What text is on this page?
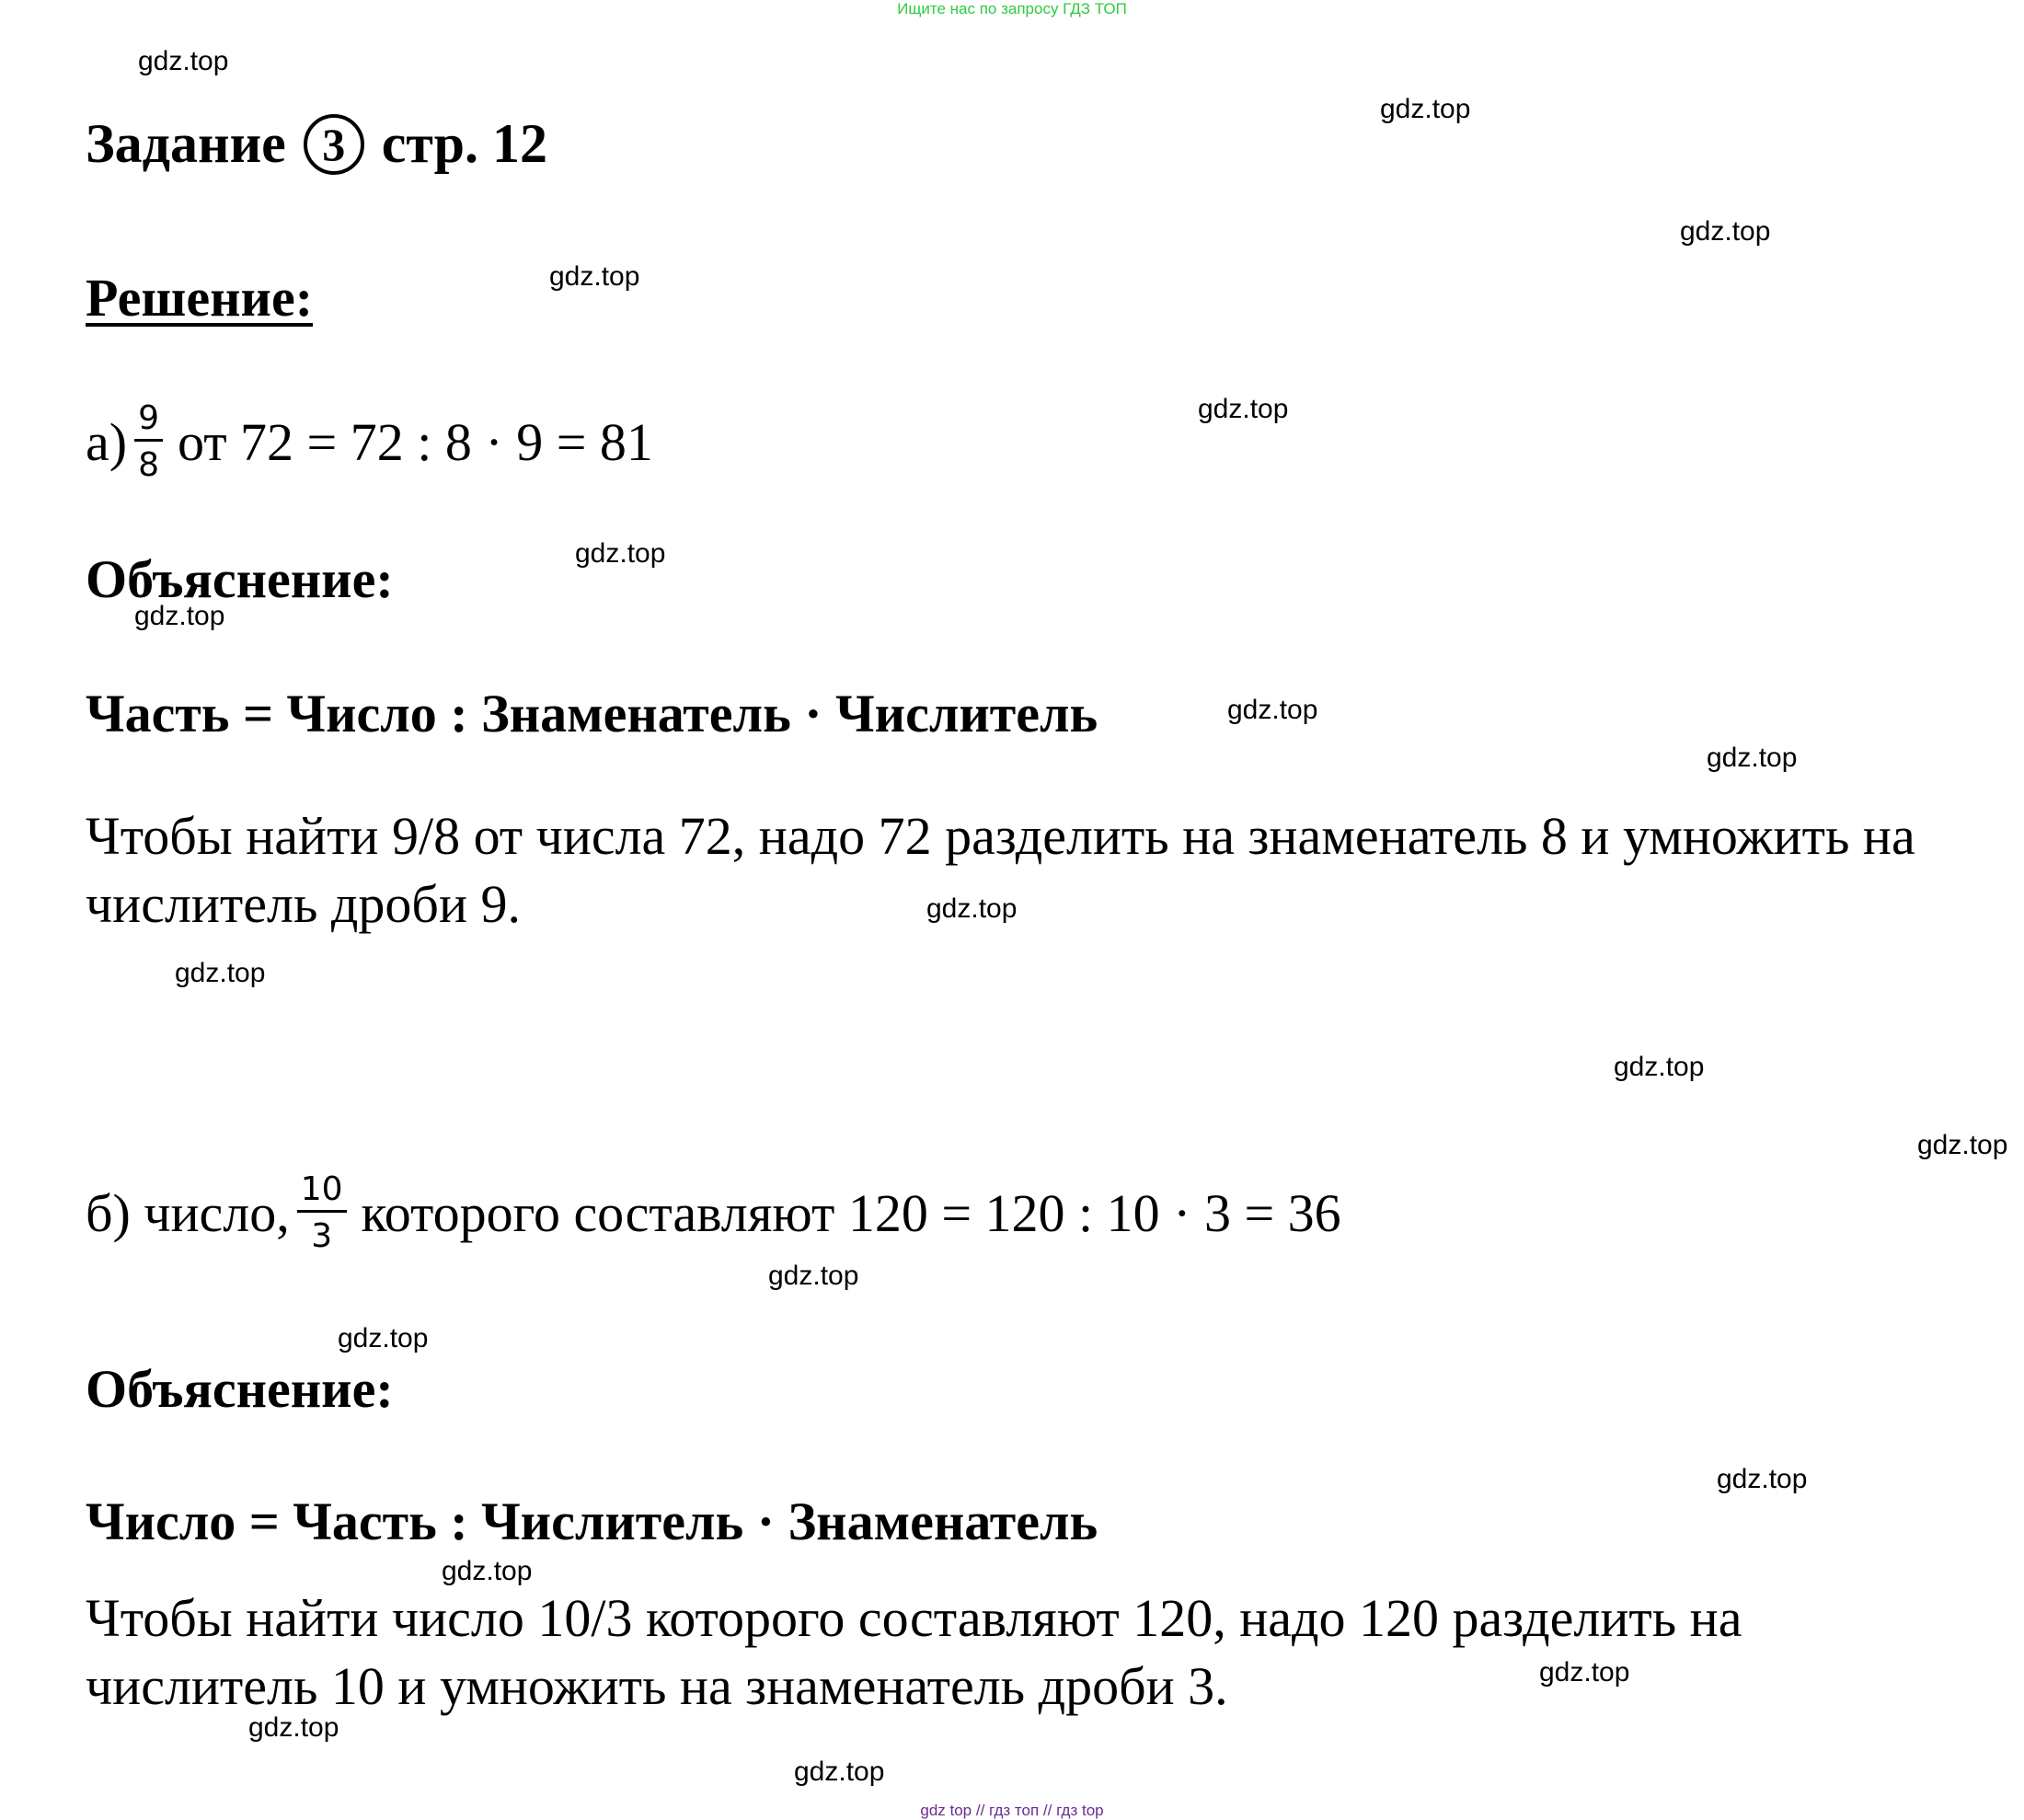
Ищите нас по запросу ГДЗ ТОП
gdz.top
gdz.top
gdz.top
gdz.top
gdz.top
gdz.top
gdz.top
gdz.top
gdz.top
gdz.top
gdz.top
gdz.top
gdz.top
gdz.top
gdz.top
gdz.top
gdz.top
gdz.top
gdz.top
gdz.top
Задание 3 стр. 12
Решение:
$а) \frac{9}{8}$ от 72 = 72 : 8 · 9 = 81
Объяснение:
Часть = Число : Знаменатель · Числитель
Чтобы найти 9/8 от числа 72, надо 72 разделить на знаменатель 8 и умножить на
числитель дроби 9.
б) число, $\frac{10}{3}$ которого составляют 120 = 120 : 10 · 3 = 36
Объяснение:
Число = Часть : Числитель · Знаменатель
Чтобы найти число 10/3 которого составляют 120, надо 120 разделить на
числитель 10 и умножить на знаменатель дроби 3.
gdz top // гдз топ // гдз top
